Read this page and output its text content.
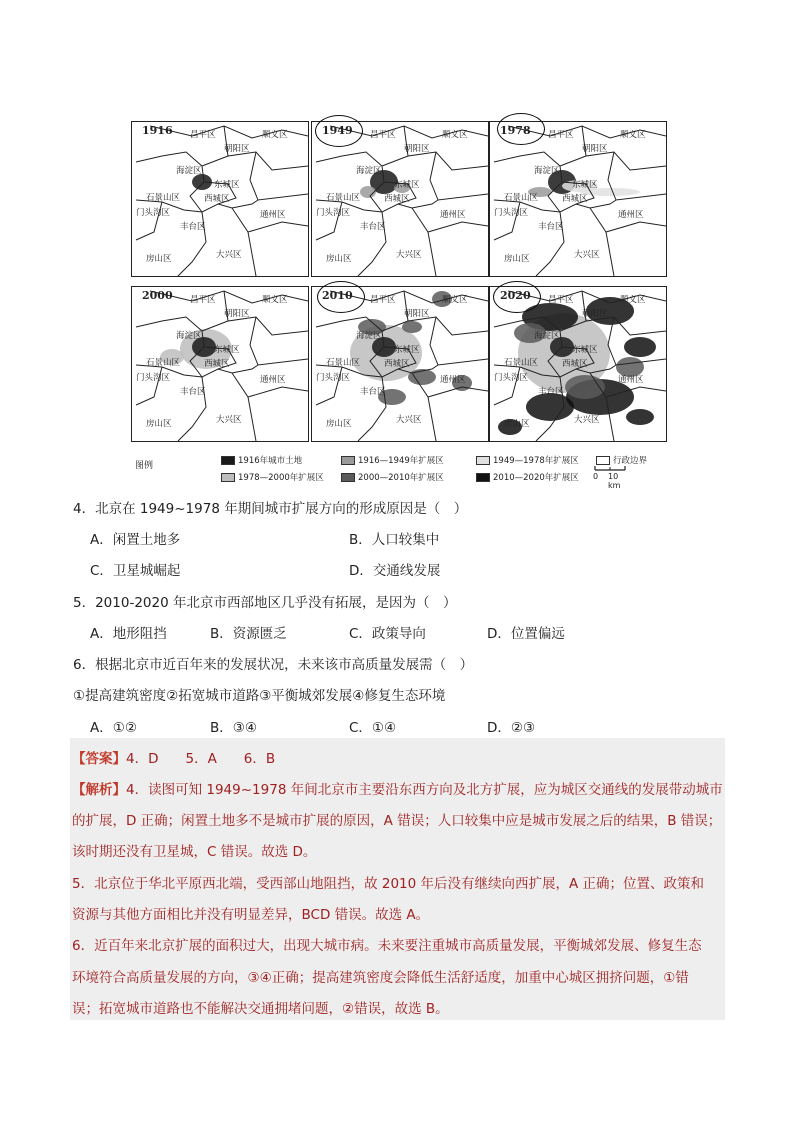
1916 昌平区	顺义区
朝阳区
海淀区
东城区
石景山区	西城区
门头沟区
丰台区
通州区
房山区	大兴区
1949 昌平区	顺义区
朝阳区
海淀区
东城区
石景山区	西城区
门头沟区
丰台区
通州区
房山区	大兴区
1978 昌平区	顺义区
朝阳区
海淀区
东城区
石景山区	西城区
门头沟区
丰台区
通州区
房山区	大兴区
2000 昌平区	顺义区
朝阳区
海淀区
东城区
石景山区	西城区
门头沟区
丰台区
通州区
房山区	大兴区
2010 昌平区	顺义区
朝阳区
海淀区
东城区
石景山区	西城区
门头沟区
丰台区
通州区
房山区	大兴区
2020 昌平区	顺义区
朝阳区
海淀区
东城区
石景山区	西城区
门头沟区
丰台区
通州区
房山区	大兴区
图例	1916年城市土地	1916—1949年扩展区	1949—1978年扩展区	行政边界
1978—2000年扩展区	2000—2010年扩展区	2010—2020年扩展区 0 10 km
4．北京在 1949~1978 年期间城市扩展方向的形成原因是（　）
A．闲置土地多	B．人口较集中
C．卫星城崛起	D．交通线发展
5．2010-2020 年北京市西部地区几乎没有拓展，是因为（　）
A．地形阻挡	B．资源匮乏	C．政策导向	D．位置偏远
6．根据北京市近百年来的发展状况，未来该市高质量发展需（　）
①提高建筑密度②拓宽城市道路③平衡城郊发展④修复生态环境
A．①②	B．③④	C．①④	D．②③
【答案】4．D　　5．A　　6．B
【解析】4．读图可知 1949~1978 年间北京市主要沿东西方向及北方扩展，应为城区交通线的发展带动城市
的扩展，D 正确；闲置土地多不是城市扩展的原因，A 错误；人口较集中应是城市发展之后的结果，B 错误；
该时期还没有卫星城，C 错误。故选 D。
5．北京位于华北平原西北端，受西部山地阻挡，故 2010 年后没有继续向西扩展，A 正确；位置、政策和
资源与其他方面相比并没有明显差异，BCD 错误。故选 A。
6．近百年来北京扩展的面积过大，出现大城市病。未来要注重城市高质量发展，平衡城郊发展、修复生态
环境符合高质量发展的方向，③④正确；提高建筑密度会降低生活舒适度，加重中心城区拥挤问题，①错
误；拓宽城市道路也不能解决交通拥堵问题，②错误，故选 B。
